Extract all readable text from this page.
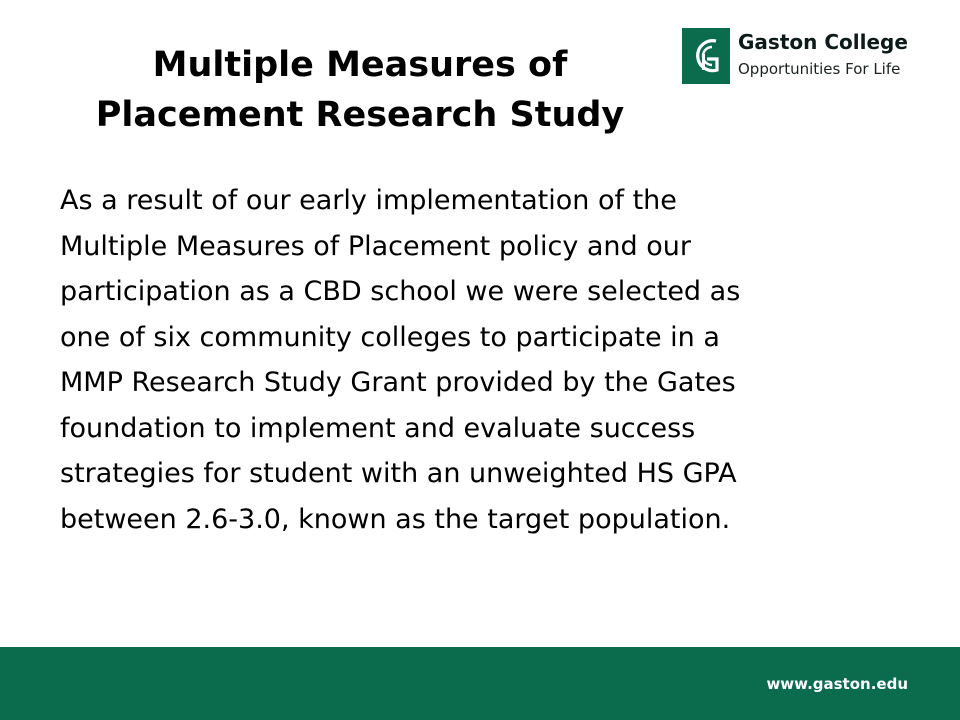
Multiple Measures of
Placement Research Study
Gaston College
Opportunities For Life
As a result of our early implementation of the
Multiple Measures of Placement policy and our
participation as a CBD school we were selected as
one of six community colleges to participate in a
MMP Research Study Grant provided by the Gates
foundation to implement and evaluate success
strategies for student with an unweighted HS GPA
between 2.6-3.0, known as the target population.
www.gaston.edu
